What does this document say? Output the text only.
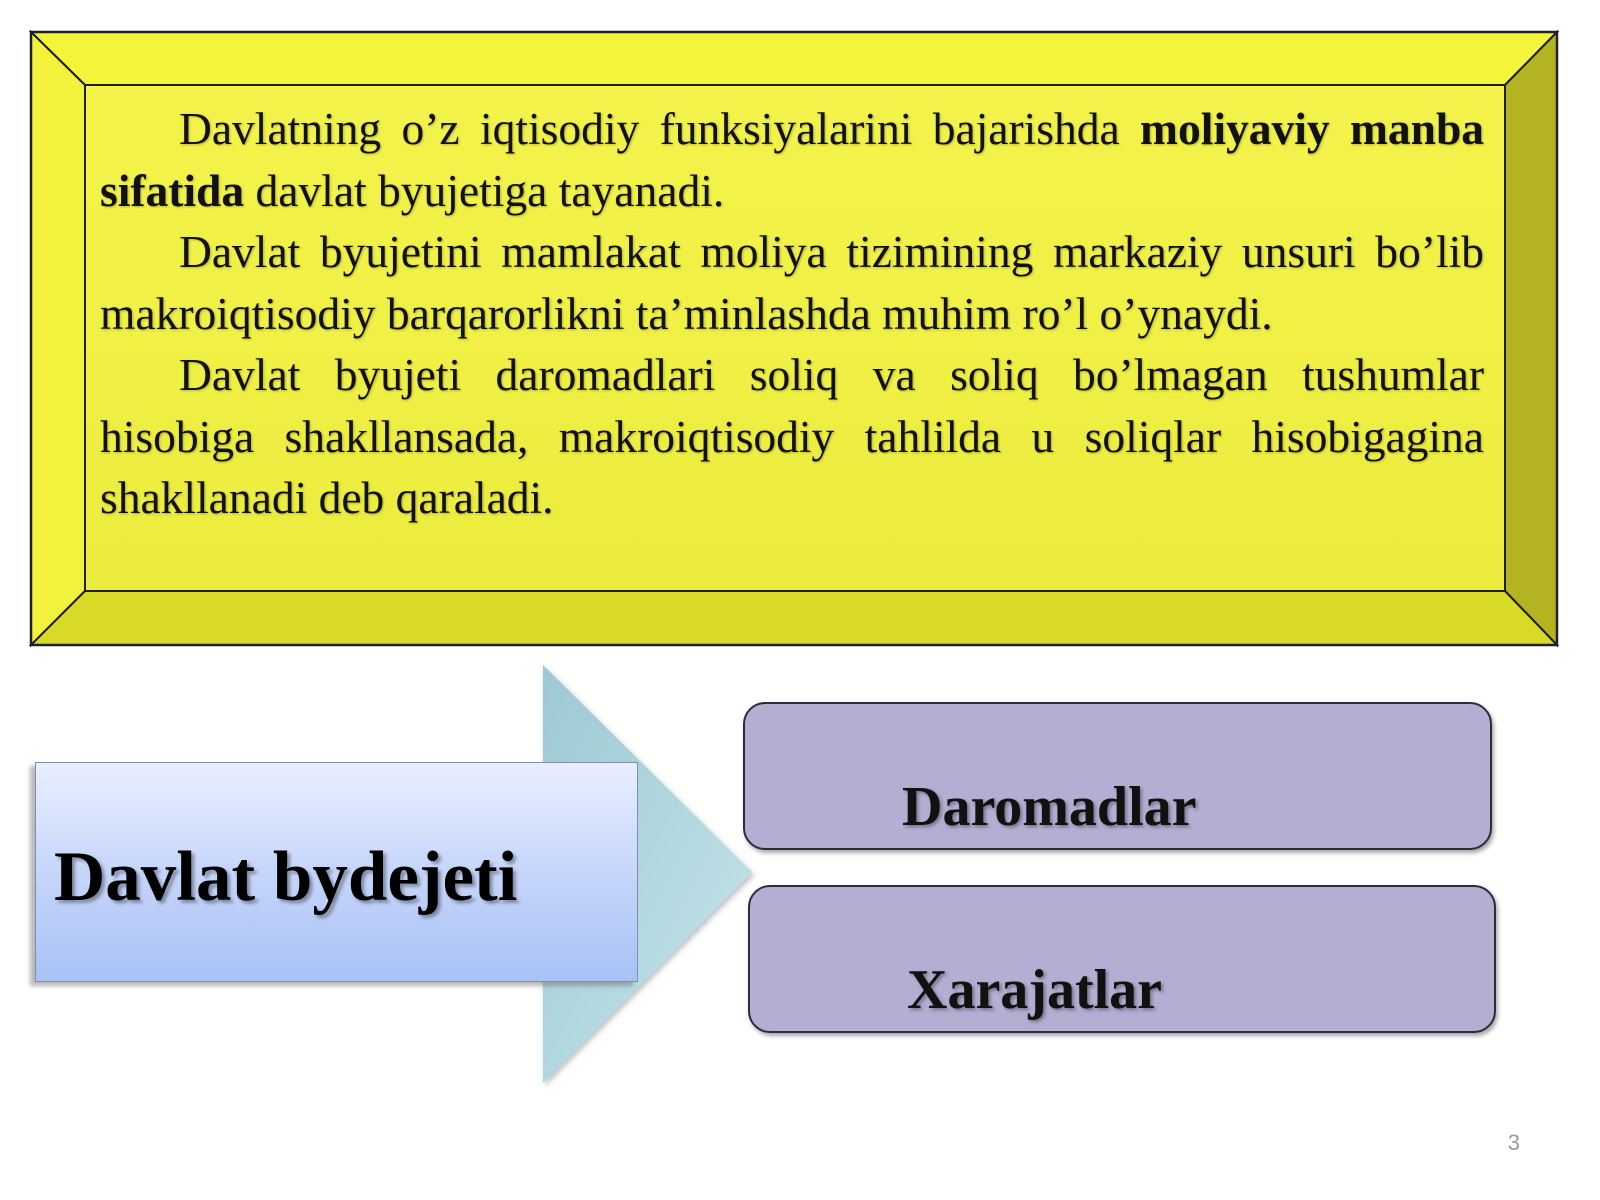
Davlatning o’z iqtisodiy funksiyalarini bajarishda moliyaviy manba sifatida davlat byujetiga tayanadi.

Davlat byujetini mamlakat moliya tizimining markaziy unsuri bo’lib makroiqtisodiy barqarorlikni ta’minlashda muhim ro’l o’ynaydi.

Davlat byujeti daromadlari soliq va soliq bo’lmagan tushumlar hisobiga shakllansada, makroiqtisodiy tahlilda u soliqlar hisobigagina shakllanadi deb qaraladi.

Davlat bydejeti
Daromadlar
Xarajatlar
3
